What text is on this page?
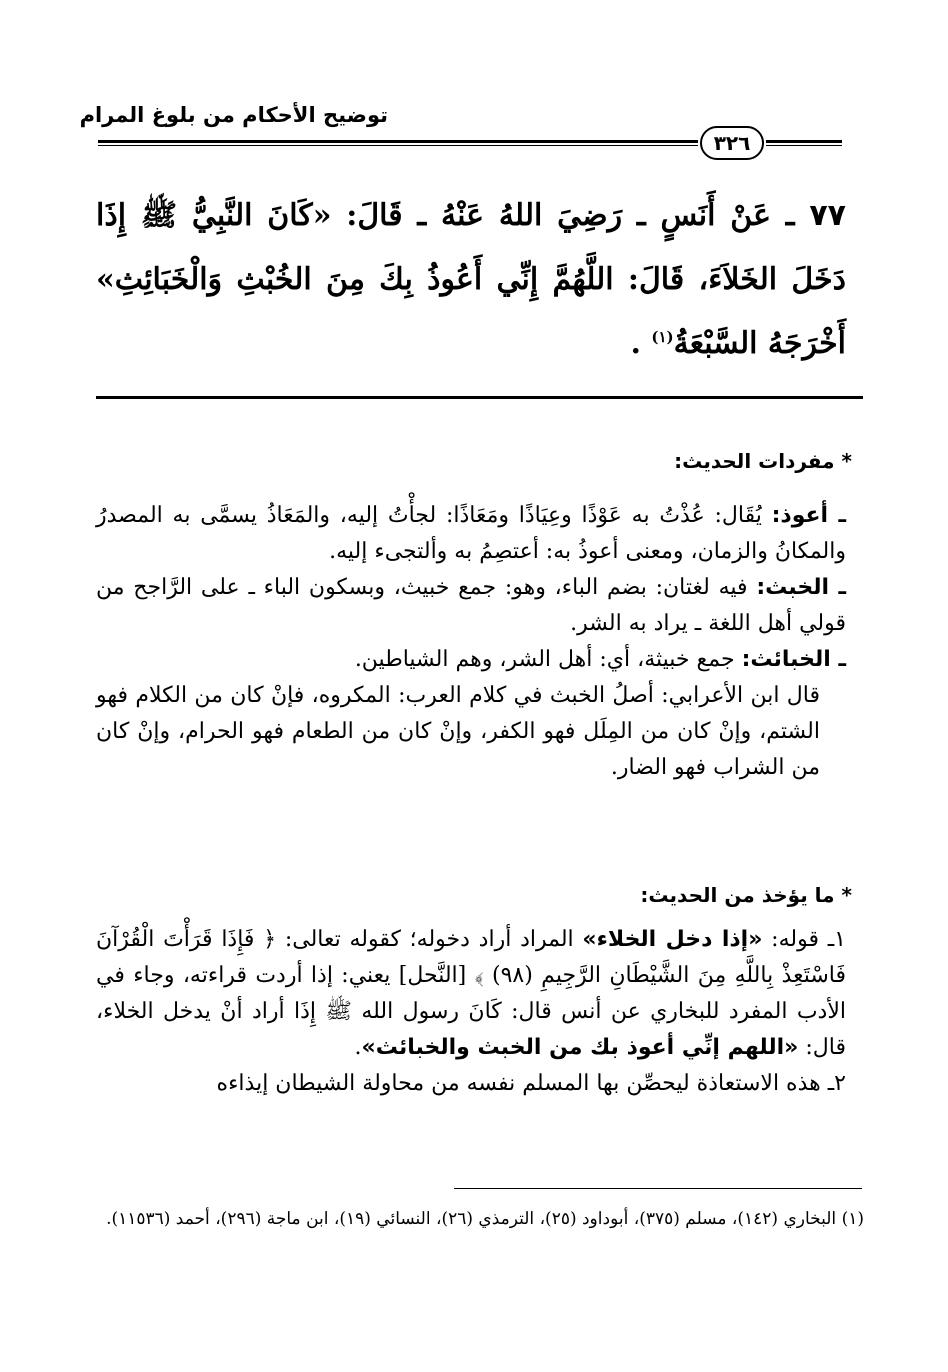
توضيح الأحكام من بلوغ المرام
٣٢٦
٧٧ ـ عَنْ أَنَسٍ ـ رَضِيَ اللهُ عَنْهُ ـ قَالَ: «كَانَ النَّبِيُّ ﷺ إِذَا دَخَلَ الخَلاَءَ، قَالَ: اللَّهُمَّ إِنِّي أَعُوذُ بِكَ مِنَ الخُبْثِ وَالْخَبَائِثِ» أَخْرَجَهُ السَّبْعَةُ$^{(١)}$ .
* مفردات الحديث:

ـ أعوذ: يُقَال: عُذْتُ به عَوْذًا وعِيَاذًا ومَعَاذًا: لجأْتُ إليه، والمَعَاذُ يسمَّى به المصدرُ والمكانُ والزمان، ومعنى أعوذُ به: أعتصِمُ به وألتجىء إليه.

ـ الخبث: فيه لغتان: بضم الباء، وهو: جمع خبيث، وبسكون الباء ـ على الرَّاجح من قولي أهل اللغة ـ يراد به الشر.

ـ الخبائث: جمع خبيثة، أي: أهل الشر، وهم الشياطين.

قال ابن الأعرابي: أصلُ الخبث في كلام العرب: المكروه، فإنْ كان من الكلام فهو الشتم، وإنْ كان من المِلَل فهو الكفر، وإنْ كان من الطعام فهو الحرام، وإنْ كان من الشراب فهو الضار.

* ما يؤخذ من الحديث:

١ـ قوله: «إذا دخل الخلاء» المراد أراد دخوله؛ كقوله تعالى: ﴿ فَإِذَا قَرَأْتَ الْقُرْآنَ فَاسْتَعِذْ بِاللَّهِ مِنَ الشَّيْطَانِ الرَّجِيمِ (٩٨) ﴾ [النَّحل] يعني: إذا أردت قراءته، وجاء في الأدب المفرد للبخاري عن أنس قال: كَانَ رسول الله ﷺ إِذَا أراد أنْ يدخل الخلاء، قال: «اللهم إنِّي أعوذ بك من الخبث والخبائث».

٢ـ هذه الاستعاذة ليحصِّن بها المسلم نفسه من محاولة الشيطان إيذاءه

(١) البخاري (١٤٢)، مسلم (٣٧٥)، أبوداود (٢٥)، الترمذي (٢٦)، النسائي (١٩)، ابن ماجة (٢٩٦)، أحمد (١١٥٣٦).
